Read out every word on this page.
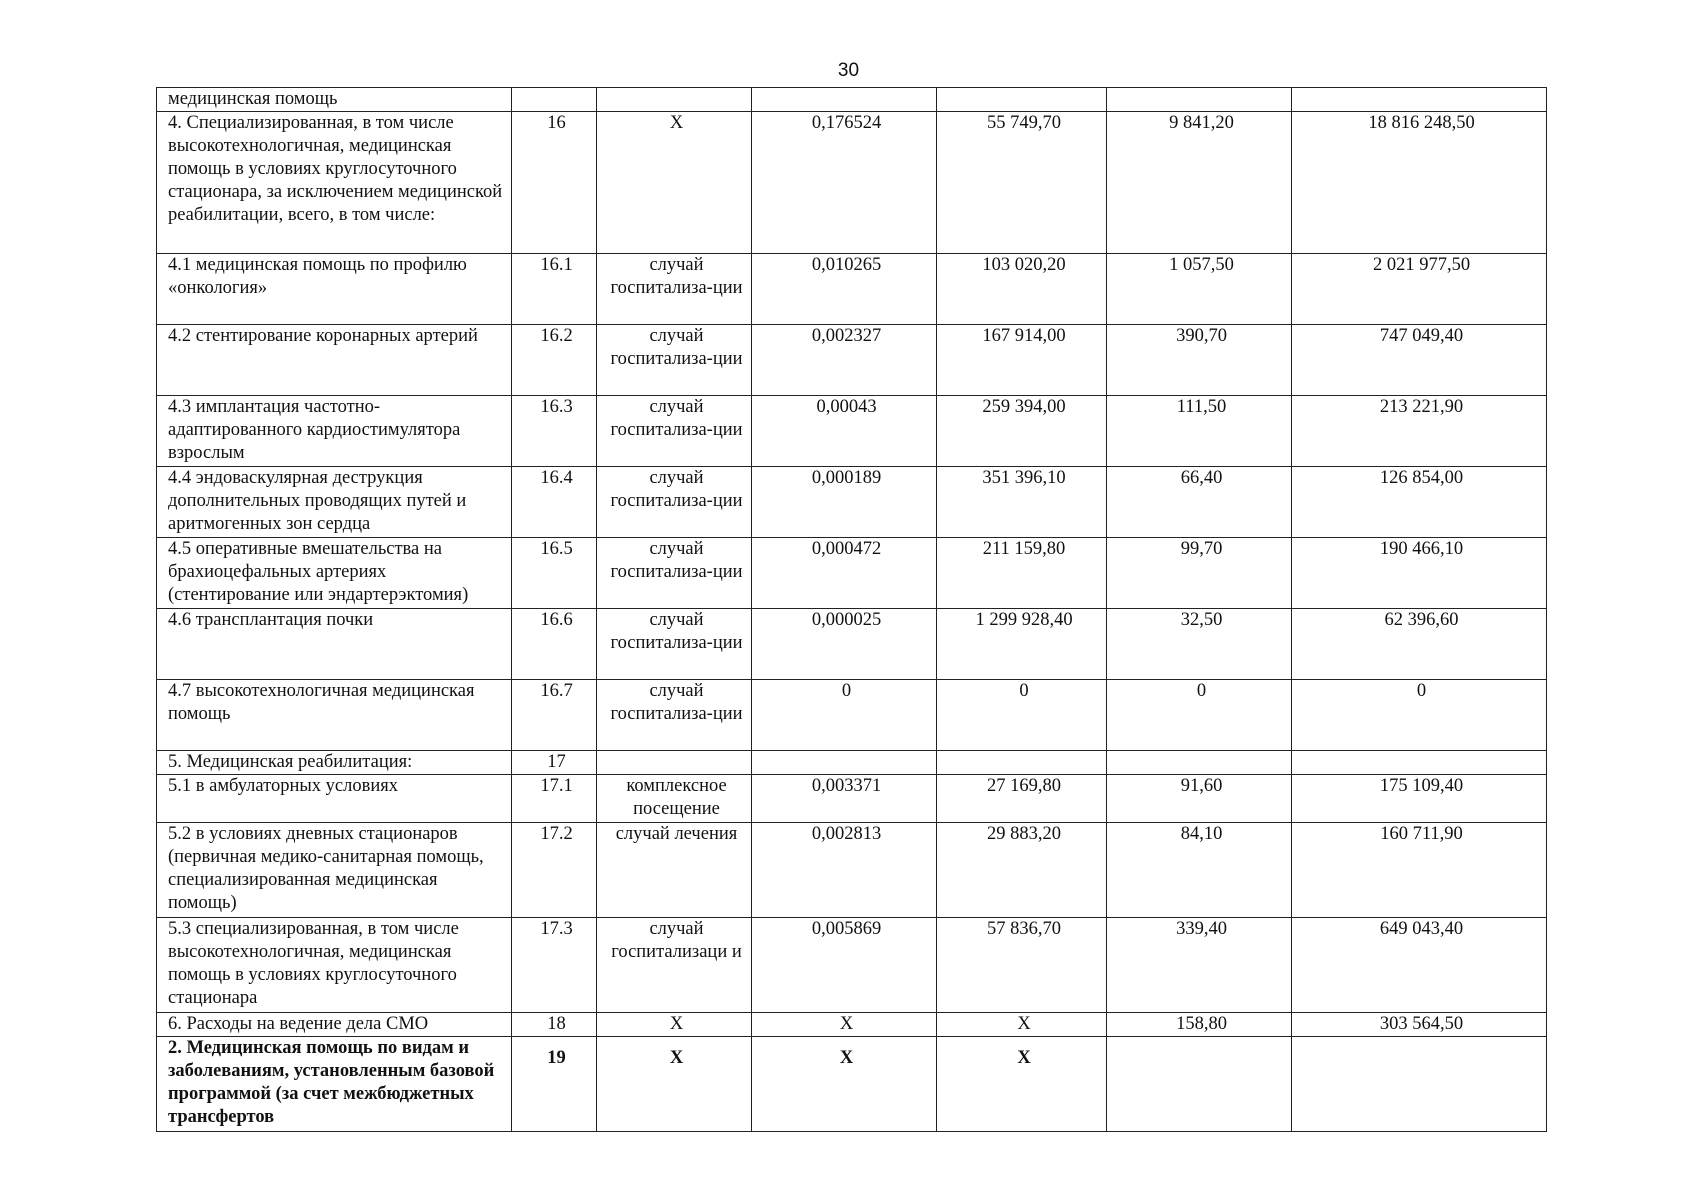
30
медицинская помощь						
4. Специализированная, в том числе высокотехнологичная, медицинская помощь в условиях круглосуточного стационара, за исключением медицинской реабилитации, всего, в том числе:	16	X	0,176524	55 749,70	9 841,20	18 816 248,50
4.1 медицинская помощь по профилю «онкология»	16.1	случай госпитализа-ции	0,010265	103 020,20	1 057,50	2 021 977,50
4.2 стентирование коронарных артерий	16.2	случай госпитализа-ции	0,002327	167 914,00	390,70	747 049,40
4.3 имплантация частотно-адаптированного кардиостимулятора взрослым	16.3	случай госпитализа-ции	0,00043	259 394,00	111,50	213 221,90
4.4 эндоваскулярная деструкция дополнительных проводящих путей и аритмогенных зон сердца	16.4	случай госпитализа-ции	0,000189	351 396,10	66,40	126 854,00
4.5 оперативные вмешательства на брахиоцефальных артериях (стентирование или эндартерэктомия)	16.5	случай госпитализа-ции	0,000472	211 159,80	99,70	190 466,10
4.6 трансплантация почки	16.6	случай госпитализа-ции	0,000025	1 299 928,40	32,50	62 396,60
4.7 высокотехнологичная медицинская помощь	16.7	случай госпитализа-ции	0	0	0	0
5. Медицинская реабилитация:	17					
5.1 в амбулаторных условиях	17.1	комплексное посещение	0,003371	27 169,80	91,60	175 109,40
5.2 в условиях дневных стационаров (первичная медико-санитарная помощь, специализированная медицинская помощь)	17.2	случай лечения	0,002813	29 883,20	84,10	160 711,90
5.3 специализированная, в том числе высокотехнологичная, медицинская помощь в условиях круглосуточного стационара	17.3	случай госпитализаци и	0,005869	57 836,70	339,40	649 043,40
6. Расходы на ведение дела СМО	18	X	X	X	158,80	303 564,50
2. Медицинская помощь по видам и заболеваниям, установленным базовой программой (за счет межбюджетных трансфертов	19	X	X	X		
